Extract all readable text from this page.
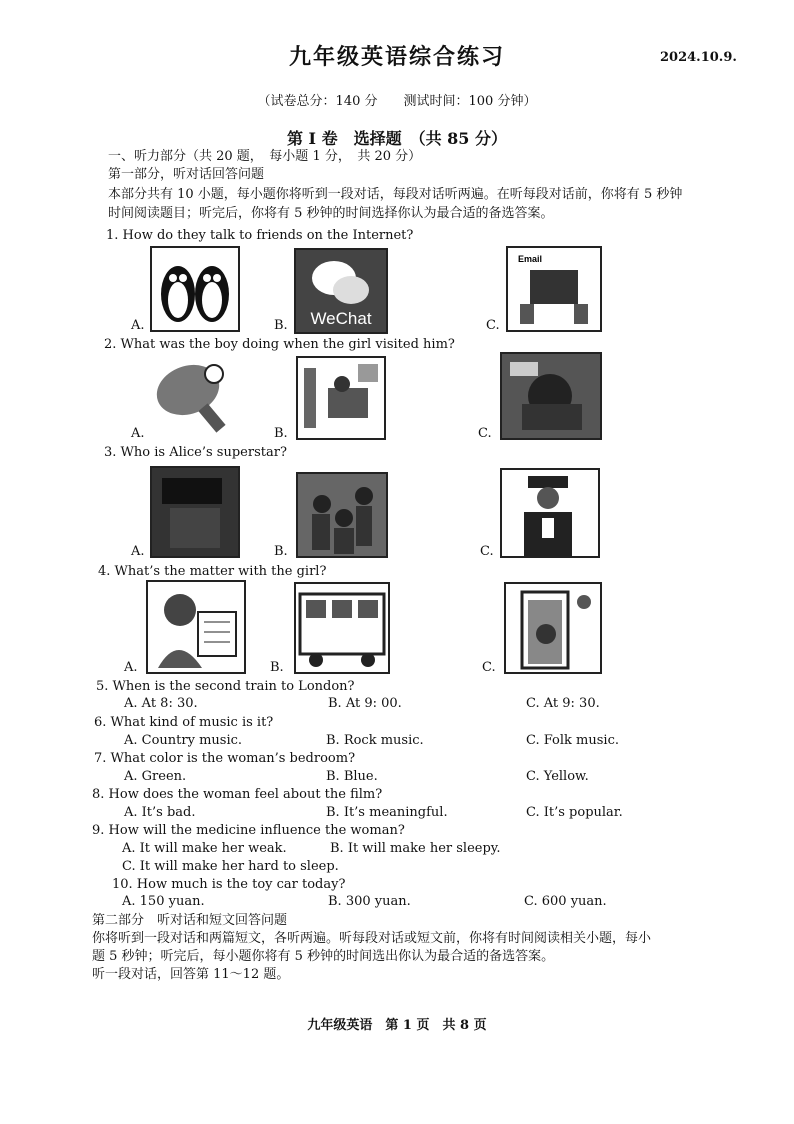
九年级英语综合练习	2024.10.9.
（试卷总分：140 分　　测试时间：100 分钟）
第 I 卷　选择题　（共 85 分）
一、听力部分（共 20 题，　每小题 1 分，　共 20 分）
第一部分，听对话回答问题
本部分共有 10 小题，每小题你将听到一段对话，每段对话听两遍。在听每段对话前，你将有 5 秒钟
时间阅读题目；听完后，你将有 5 秒钟的时间选择你认为最合适的备选答案。
1. How do they talk to friends on the Internet?
A.	B. WeChat	C.
Email
2. What was the boy doing when the girl visited him?
A.	B.	C.
3. Who is Alice’s superstar?
A.	B.	C.
4. What’s the matter with the girl?
A.	B.	C.
5. When is the second train to London?
A. At 8: 30.	B. At 9: 00.	C. At 9: 30.
6. What kind of music is it?
A. Country music.	B. Rock music.	C. Folk music.
7. What color is the woman’s bedroom?
A. Green.	B. Blue.	C. Yellow.
8. How does the woman feel about the film?
A. It’s bad.	B. It’s meaningful.	C. It’s popular.
9. How will the medicine influence the woman?
A. It will make her weak.	B. It will make her sleepy.
C. It will make her hard to sleep.
10. How much is the toy car today?
A. 150 yuan.	B. 300 yuan.	C. 600 yuan.
第二部分　听对话和短文回答问题
你将听到一段对话和两篇短文，各听两遍。听每段对话或短文前，你将有时间阅读相关小题，每小
题 5 秒钟；听完后，每小题你将有 5 秒钟的时间选出你认为最合适的备选答案。
听一段对话，回答第 11～12 题。
九年级英语　第 1 页　共 8 页
